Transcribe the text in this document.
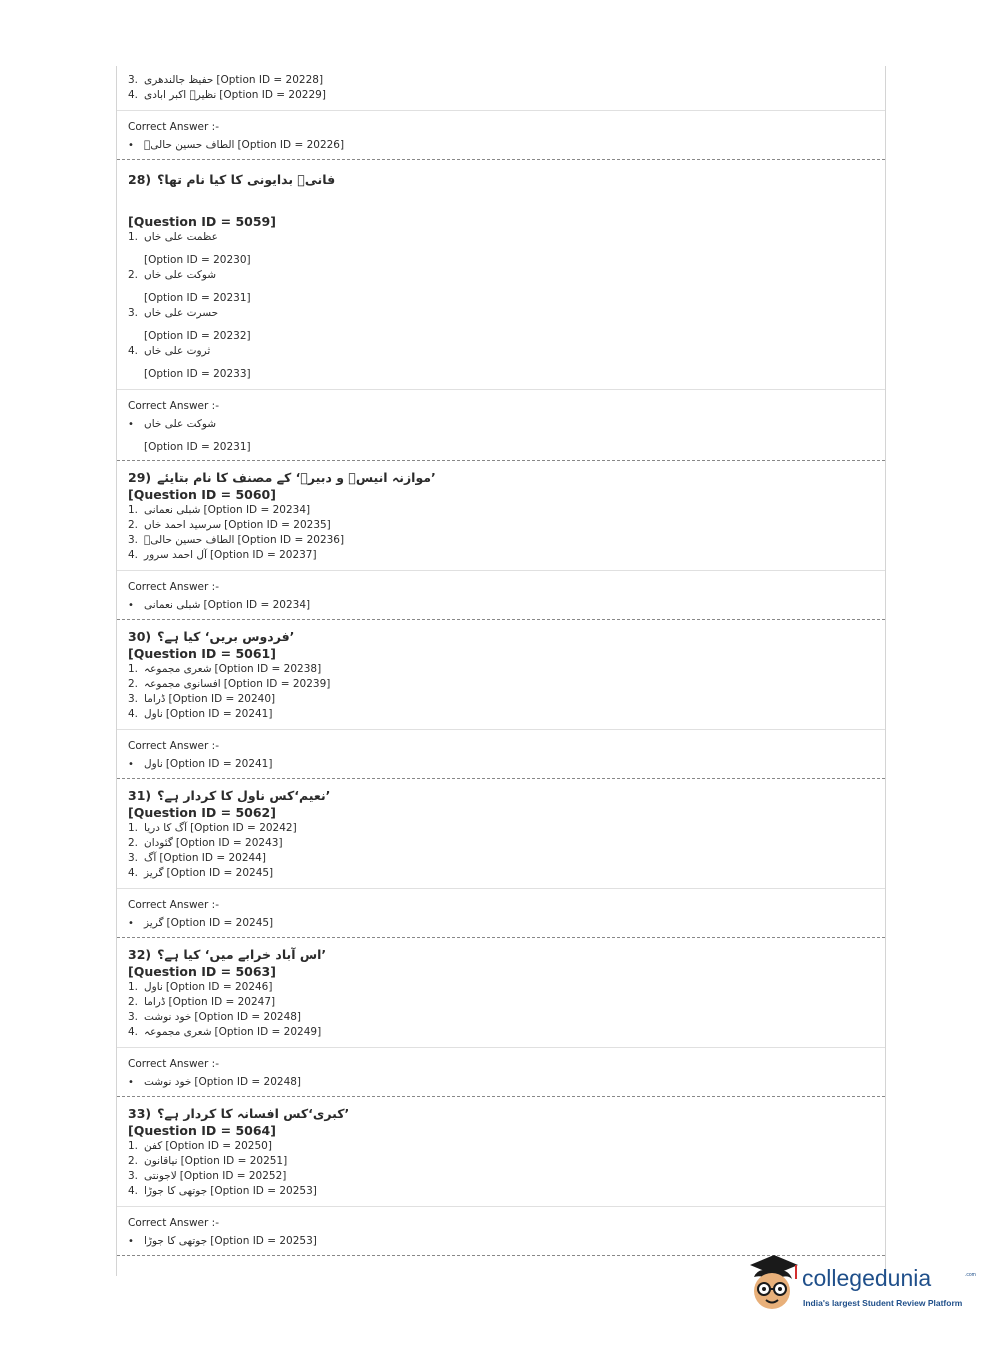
3. حفیظ جالندھری [Option ID = 20228]
4. نظیرؔ اکبر ابادی [Option ID = 20229]
Correct Answer :-
• الطاف حسین حالیؔ [Option ID = 20226]
28) فانیؔ بدایونی کا کیا نام تھا؟
[Question ID = 5059]
1. عظمت علی خاں
[Option ID = 20230]
2. شوکت علی خاں
[Option ID = 20231]
3. حسرت علی خاں
[Option ID = 20232]
4. ثروت علی خاں
[Option ID = 20233]
Correct Answer :-
• شوکت علی خاں
[Option ID = 20231]
29) ’موازنہ انیسؔ و دبیرؔ‘ کے مصنف کا نام بتایئے
[Question ID = 5060]
1. شبلی نعمانی [Option ID = 20234]
2. سرسید احمد خاں [Option ID = 20235]
3. الطاف حسین حالیؔ [Option ID = 20236]
4. آل احمد سرور [Option ID = 20237]
Correct Answer :-
• شبلی نعمانی [Option ID = 20234]
30) ’فردوس بریں‘ کیا ہے؟
[Question ID = 5061]
1. شعری مجموعہ [Option ID = 20238]
2. افسانوی مجموعہ [Option ID = 20239]
3. ڈراما [Option ID = 20240]
4. ناول [Option ID = 20241]
Correct Answer :-
• ناول [Option ID = 20241]
31) ’نعیم‘کس ناول کا کردار ہے؟
[Question ID = 5062]
1. آگ کا دریا [Option ID = 20242]
2. گئودان [Option ID = 20243]
3. آگ [Option ID = 20244]
4. گریز [Option ID = 20245]
Correct Answer :-
• گریز [Option ID = 20245]
32) ’اس آباد خرابے میں‘ کیا ہے؟
[Question ID = 5063]
1. ناول [Option ID = 20246]
2. ڈراما [Option ID = 20247]
3. خود نوشت [Option ID = 20248]
4. شعری مجموعہ [Option ID = 20249]
Correct Answer :-
• خود نوشت [Option ID = 20248]
33) ’کبری‘کس افسانہ کا کردار ہے؟
[Question ID = 5064]
1. کفن [Option ID = 20250]
2. نیاقانون [Option ID = 20251]
3. لاجونتی [Option ID = 20252]
4. جوتھی کا جوڑا [Option ID = 20253]
Correct Answer :-
• جوتھی کا جوڑا [Option ID = 20253]
collegedunia	.com
India's largest Student Review Platform
